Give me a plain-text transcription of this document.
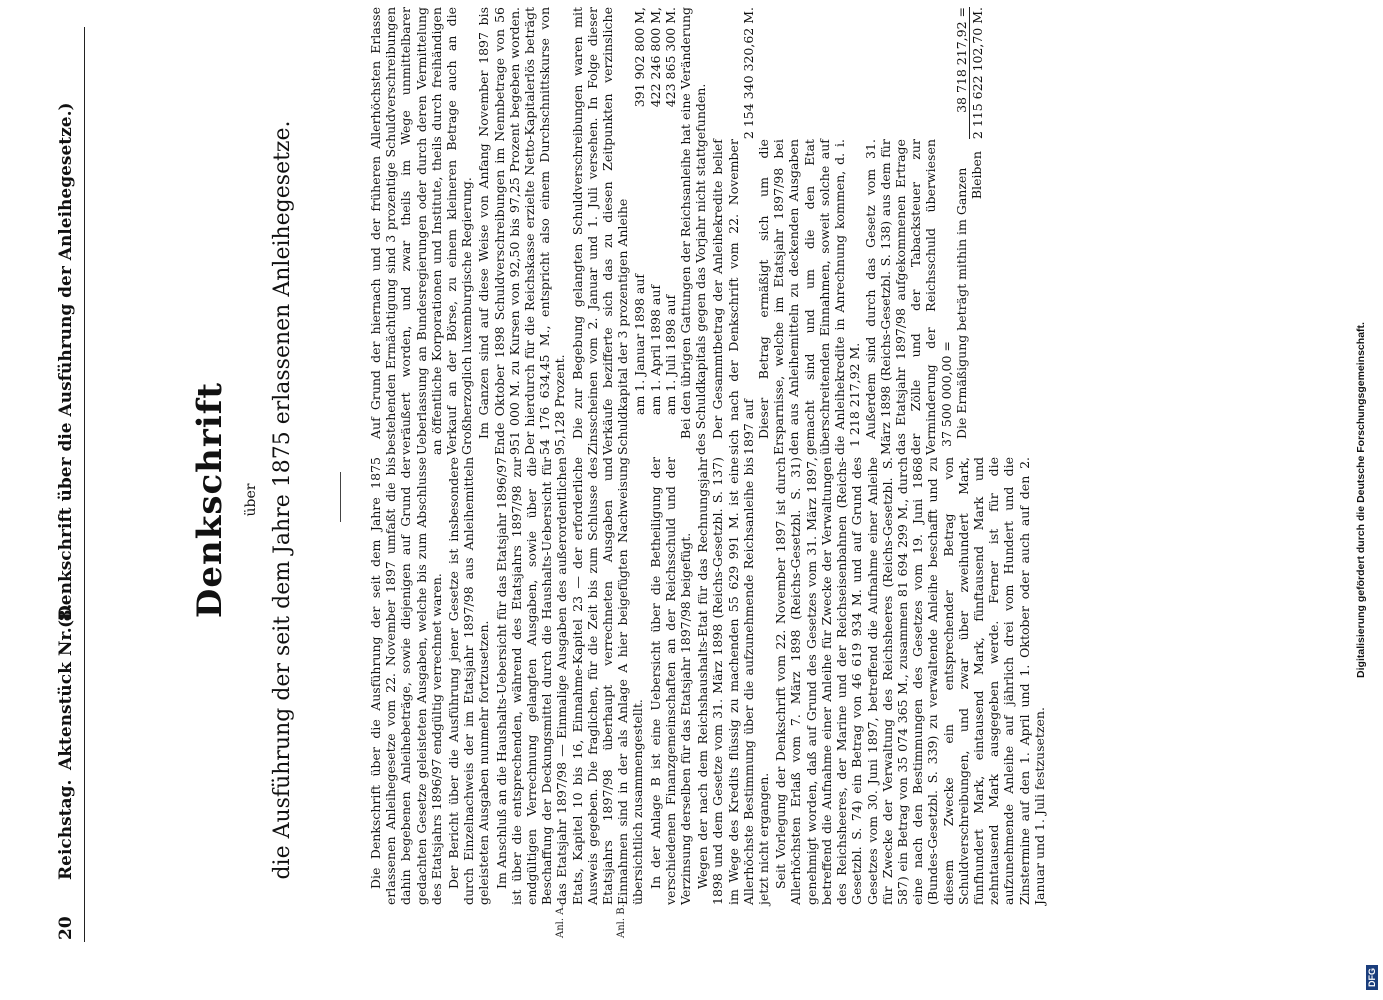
20
Reichstag.
Aktenstück Nr. 8.
(Denkschrift über die Ausführung der Anleihegesetze.)	Denkschrift über die Ausführung der seit dem Jahre 1875 erlassenen Anleihegesetze.	Die Denkschrift über die Ausführung der seit dem Jahre 1875 erlassenen Anleihegesetze vom 22. November 1897 umfaßt die bis dahin begebenen Anleihebeträge, sowie diejenigen auf Grund der gedachten Gesetze geleisteten Ausgaben, welche bis zum Abschlusse des Etatsjahrs 1896/97 endgültig verrechnet waren. Der Bericht über die Ausführung jener Gesetze ist insbesondere durch Einzelnachweis der im Etatsjahr 1897/98 aus Anleihemitteln geleisteten Ausgaben nunmehr fortzusetzen. Im Anschluß an die Haushalts-Uebersicht für das Etatsjahr 1896/97 ist über die entsprechenden, während des Etatsjahrs 1897/98 zur endgültigen Verrechnung gelangten Ausgaben, sowie über die Beschaffung der Deckungsmittel durch die Haushalts-Uebersicht für das Etatsjahr 1897/98 — Einmalige Ausgaben des außerordentlichen Etats, Kapitel 10 bis 16, Einnahme-Kapitel 23 — der erforderliche Ausweis gegeben. Die fraglichen, für die Zeit bis zum Schlusse des Etatsjahrs 1897/98 überhaupt verrechneten Ausgaben und Einnahmen sind in der als Anlage A hier beigefügten Nachweisung übersichtlich zusammengestellt. In der Anlage B ist eine Uebersicht über die Betheiligung der verschiedenen Finanzgemeinschaften an der Reichsschuld und der Verzinsung derselben für das Etatsjahr 1897/98 beigefügt. Wegen der nach dem Reichshaushalts-Etat für das Rechnungsjahr 1898 und dem Gesetze vom 31. März 1898 (Reichs-Gesetzbl. S. 137) im Wege des Kredits flüssig zu machenden 55 629 991 M. ist eine Allerhöchste Bestimmung über die aufzunehmende Reichsanleihe bis jetzt nicht ergangen. Seit Vorlegung der Denkschrift vom 22. November 1897 ist durch Allerhöchsten Erlaß vom 7. März 1898 (Reichs-Gesetzbl. S. 31) genehmigt worden, daß auf Grund des Gesetzes vom 31. März 1897, betreffend die Aufnahme einer Anleihe für Zwecke der Verwaltungen des Reichsheeres, der Marine und der Reichseisenbahnen (Reichs-Gesetzbl. S. 74) ein Betrag von 46 619 934 M. und auf Grund des Gesetzes vom 30. Juni 1897, betreffend die Aufnahme einer Anleihe für Zwecke der Verwaltung des Reichsheeres (Reichs-Gesetzbl. S. 587) ein Betrag von 35 074 365 M., zusammen 81 694 299 M., durch eine nach den Bestimmungen des Gesetzes vom 19. Juni 1868 (Bundes-Gesetzbl. S. 339) zu verwaltende Anleihe beschafft und zu diesem Zwecke ein entsprechender Betrag von Schuldverschreibungen, und zwar über zweihundert Mark, fünfhundert Mark, eintausend Mark, fünftausend Mark und zehntausend Mark ausgegeben werde. Ferner ist für die aufzunehmende Anleihe auf jährlich drei vom Hundert und die Zinstermine auf den 1. April und 1. Oktober oder auch auf den 2. Januar und 1. Juli festzusetzen.

Anl. A.	Anl. B.

Auf Grund der hiernach und der früheren Allerhöchsten Erlasse bestehenden Ermächtigung sind 3 prozentige Schuldverschreibungen veräußert worden, und zwar theils im Wege unmittelbarer Ueberlassung an Bundesregierungen oder durch deren Vermittelung an öffentliche Korporationen und Institute, theils durch freihändigen Verkauf an der Börse, zu einem kleineren Betrage auch an die Großherzoglich luxemburgische Regierung. Im Ganzen sind auf diese Weise von Anfang November 1897 bis Ende Oktober 1898 Schuldverschreibungen im Nennbetrage von 56 951 000 M. zu Kursen von 92,50 bis 97,25 Prozent begeben worden. Der hierdurch für die Reichskasse erzielte Netto-Kapitalerlös beträgt 54 176 634,45 M., entspricht also einem Durchschnittskurse von 95,128 Prozent. Die zur Begebung gelangten Schuldverschreibungen waren mit Zinsscheinen vom 2. Januar und 1. Juli versehen. In Folge dieser Verkäufe bezifferte sich das zu diesen Zeitpunkten verzinsliche Schuldkapital der 3 prozentigen Anleihe am 1. Januar 1898 auf	391 902 800 M,
am 1. April 1898 auf	422 246 800 M,
am 1. Juli 1898 auf	423 865 300 M. Bei den übrigen Gattungen der Reichsanleihe hat eine Veränderung des Schuldkapitals gegen das Vorjahr nicht stattgefunden. Der Gesammtbetrag der Anleihekredite belief sich nach der Denkschrift vom 22. November 1897 auf	2 154 340 320,62 M.
Dieser Betrag ermäßigt sich um die Ersparnisse, welche im Etatsjahr 1897/98 bei den aus Anleihemitteln zu deckenden Ausgaben gemacht sind und um die den Etat überschreitenden Einnahmen, soweit solche auf die Anleihekredite in Anrechnung kommen, d. i. 1 218 217,92 M.	
Außerdem sind durch das Gesetz vom 31. März 1898 (Reichs-Gesetzbl. S. 138) aus dem für das Etatsjahr 1897/98 aufgekommenen Ertrage der Zölle und der Tabacksteuer zur Verminderung der Reichsschuld überwiesen 37 500 000,00 =	
Die Ermäßigung beträgt mithin im Ganzen	38 718 217,92 =
Bleiben	2 115 622 102,70 M.
Digitalisierung gefördert durch die Deutsche Forschungsgemeinschaft.
DFG
